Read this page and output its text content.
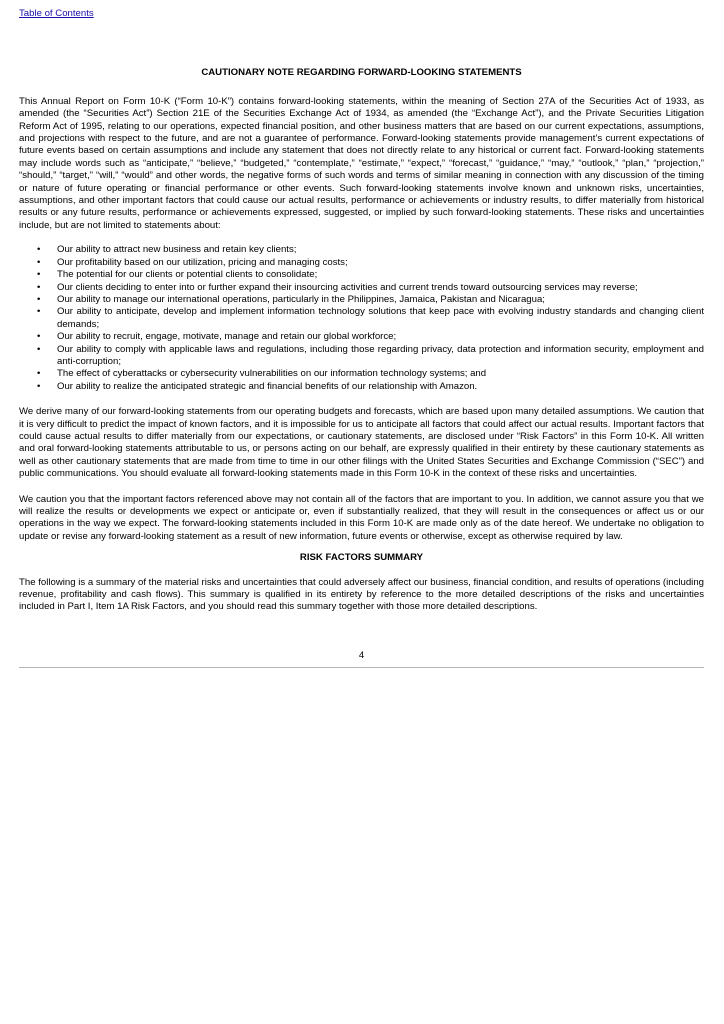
Table of Contents
CAUTIONARY NOTE REGARDING FORWARD-LOOKING STATEMENTS

This Annual Report on Form 10-K (“Form 10-K”) contains forward-looking statements, within the meaning of Section 27A of the Securities Act of 1933, as amended (the “Securities Act”) Section 21E of the Securities Exchange Act of 1934, as amended (the “Exchange Act”), and the Private Securities Litigation Reform Act of 1995, relating to our operations, expected financial position, and other business matters that are based on our current expectations, assumptions, and projections with respect to the future, and are not a guarantee of performance. Forward-looking statements provide management’s current expectations of future events based on certain assumptions and include any statement that does not directly relate to any historical or current fact. Forward-looking statements may include words such as “anticipate,” “believe,” “budgeted,” “contemplate,” “estimate,” “expect,” “forecast,” “guidance,” “may,” “outlook,” “plan,” “projection,” “should,” “target,” “will,” “would” and other words, the negative forms of such words and terms of similar meaning in connection with any discussion of the timing or nature of future operating or financial performance or other events. Such forward-looking statements involve known and unknown risks, uncertainties, assumptions, and other important factors that could cause our actual results, performance or achievements or industry results, to differ materially from historical results or any future results, performance or achievements expressed, suggested, or implied by such forward-looking statements. These risks and uncertainties include, but are not limited to statements about:

• Our ability to attract new business and retain key clients;
• Our profitability based on our utilization, pricing and managing costs;
• The potential for our clients or potential clients to consolidate;
• Our clients deciding to enter into or further expand their insourcing activities and current trends toward outsourcing services may reverse;
• Our ability to manage our international operations, particularly in the Philippines, Jamaica, Pakistan and Nicaragua;
• Our ability to anticipate, develop and implement information technology solutions that keep pace with evolving industry standards and changing client demands;
• Our ability to recruit, engage, motivate, manage and retain our global workforce;
• Our ability to comply with applicable laws and regulations, including those regarding privacy, data protection and information security, employment and anti-corruption;
• The effect of cyberattacks or cybersecurity vulnerabilities on our information technology systems; and
• Our ability to realize the anticipated strategic and financial benefits of our relationship with Amazon.

We derive many of our forward-looking statements from our operating budgets and forecasts, which are based upon many detailed assumptions. We caution that it is very difficult to predict the impact of known factors, and it is impossible for us to anticipate all factors that could affect our actual results. Important factors that could cause actual results to differ materially from our expectations, or cautionary statements, are disclosed under “Risk Factors” in this Form 10-K. All written and oral forward-looking statements attributable to us, or persons acting on our behalf, are expressly qualified in their entirety by these cautionary statements as well as other cautionary statements that are made from time to time in our other filings with the United States Securities and Exchange Commission (“SEC”) and public communications. You should evaluate all forward-looking statements made in this Form 10-K in the context of these risks and uncertainties.

We caution you that the important factors referenced above may not contain all of the factors that are important to you. In addition, we cannot assure you that we will realize the results or developments we expect or anticipate or, even if substantially realized, that they will result in the consequences or affect us or our operations in the way we expect. The forward-looking statements included in this Form 10-K are made only as of the date hereof. We undertake no obligation to update or revise any forward-looking statement as a result of new information, future events or otherwise, except as otherwise required by law.

RISK FACTORS SUMMARY

The following is a summary of the material risks and uncertainties that could adversely affect our business, financial condition, and results of operations (including revenue, profitability and cash flows). This summary is qualified in its entirety by reference to the more detailed descriptions of the risks and uncertainties included in Part I, Item 1A Risk Factors, and you should read this summary together with those more detailed descriptions.

4
